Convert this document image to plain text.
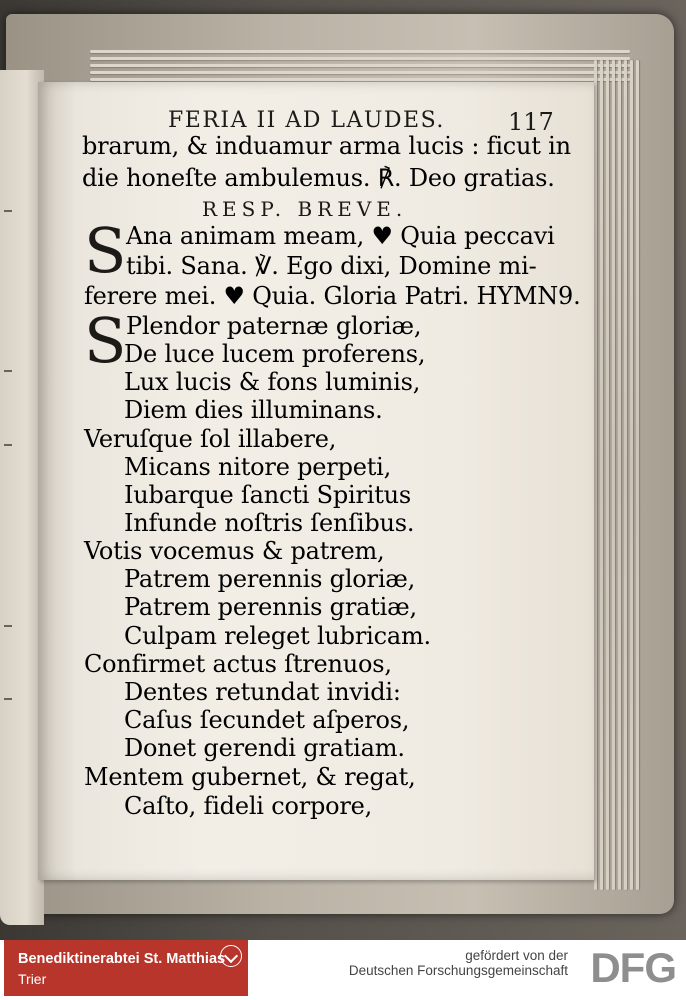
FERIA II AD LAUDES.	117
brarum, & induamur arma lucis : ficut in
die honeſte ambulemus. ℟. Deo gratias.
RESP. BREVE.
S Ana animam meam, ♥ Quia peccavi
tibi. Sana. ℣. Ego dixi, Domine mi-
ferere mei. ♥ Quia. Gloria Patri. HYMN9.
S Plendor paternæ gloriæ,
De luce lucem proferens,
Lux lucis & fons luminis,
Diem dies illuminans.
Veruſque ſol illabere,
Micans nitore perpeti,
Iubarque ſancti Spiritus
Infunde noſtris ſenſibus.
Votis vocemus & patrem,
Patrem perennis gloriæ,
Patrem perennis gratiæ,
Culpam releget lubricam.
Confirmet actus ſtrenuos,
Dentes retundat invidi:
Caſus ſecundet aſperos,
Donet gerendi gratiam.
Mentem gubernet, & regat,
Caſto, fideli corpore,
Benediktinerabtei St. Matthias
Trier
gefördert von der
Deutschen Forschungsgemeinschaft DFG
